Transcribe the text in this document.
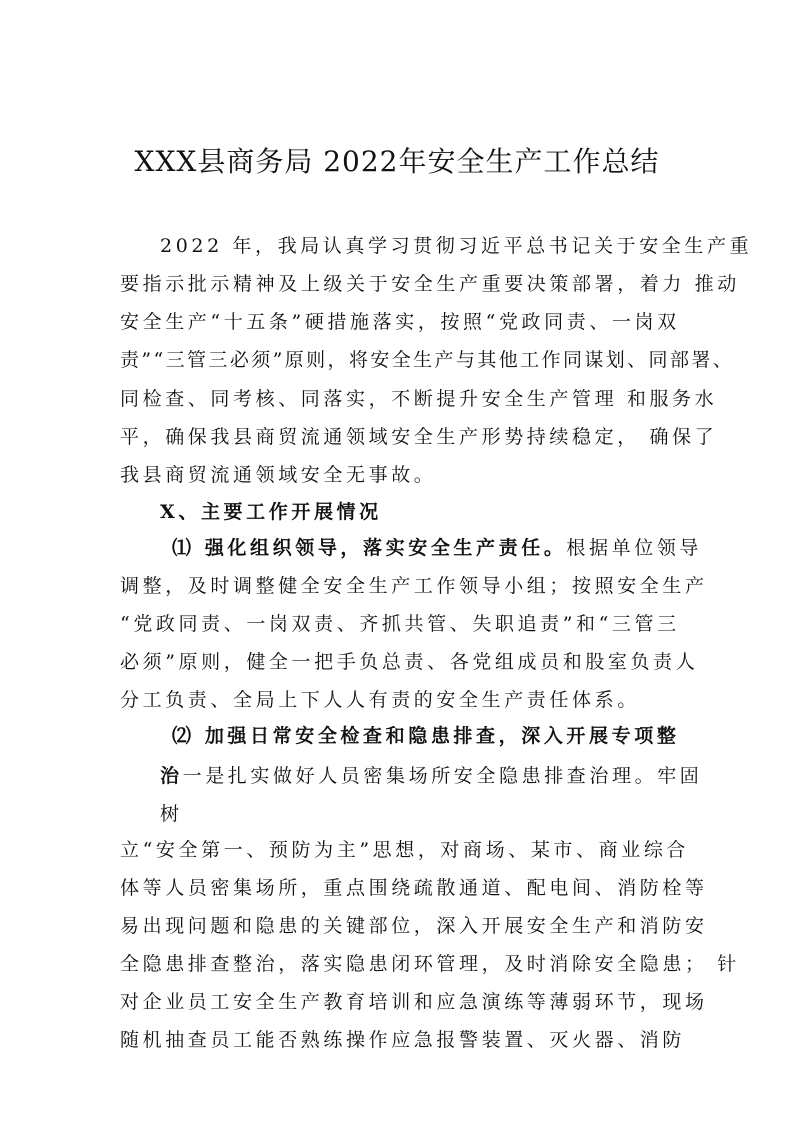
XXX县商务局 2022年安全生产工作总结
2022 年，我局认真学习贯彻习近平总书记关于安全生产重
要指示批示精神及上级关于安全生产重要决策部署，着力 推动
安全生产“十五条”硬措施落实，按照“党政同责、一岗双
责”“三管三必须”原则，将安全生产与其他工作同谋划、同部署、
同检查、同考核、同落实，不断提升安全生产管理 和服务水
平，确保我县商贸流通领域安全生产形势持续稳定， 确保了
我县商贸流通领域安全无事故。
X、主要工作开展情况
⑴ 强化组织领导，落实安全生产责任。根据单位领导
调整，及时调整健全安全生产工作领导小组；按照安全生产
“党政同责、一岗双责、齐抓共管、失职追责”和“三管三
必须”原则，健全一把手负总责、各党组成员和股室负责人
分工负责、全局上下人人有责的安全生产责任体系。
⑵ 加强日常安全检查和隐患排查，深入开展专项整
治一是扎实做好人员密集场所安全隐患排查治理。牢固
树
立“安全第一、预防为主”思想，对商场、某市、商业综合
体等人员密集场所，重点围绕疏散通道、配电间、消防栓等
易出现问题和隐患的关键部位，深入开展安全生产和消防安
全隐患排查整治，落实隐患闭环管理，及时消除安全隐患； 针
对企业员工安全生产教育培训和应急演练等薄弱环节，现场
随机抽查员工能否熟练操作应急报警装置、灭火器、消防
